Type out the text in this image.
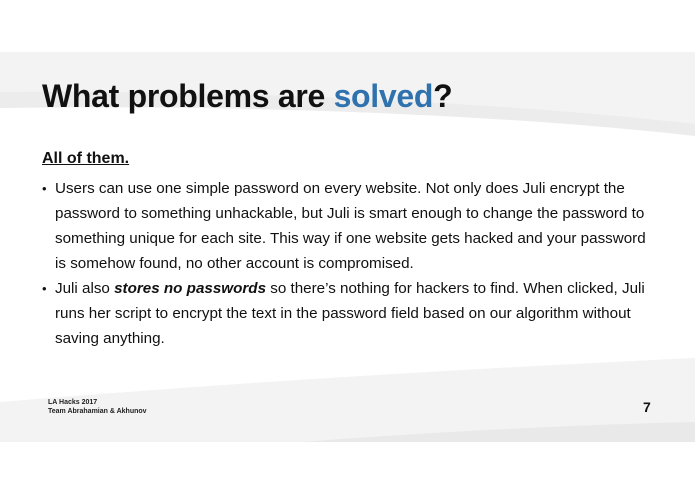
What problems are solved?
All of them.
• Users can use one simple password on every website. Not only does Juli encrypt the password to something unhackable, but Juli is smart enough to change the password to something unique for each site. This way if one website gets hacked and your password is somehow found, no other account is compromised.
• Juli also stores no passwords so there’s nothing for hackers to find. When clicked, Juli runs her script to encrypt the text in the password field based on our algorithm without saving anything.
LA Hacks 2017
Team Abrahamian & Akhunov	7
